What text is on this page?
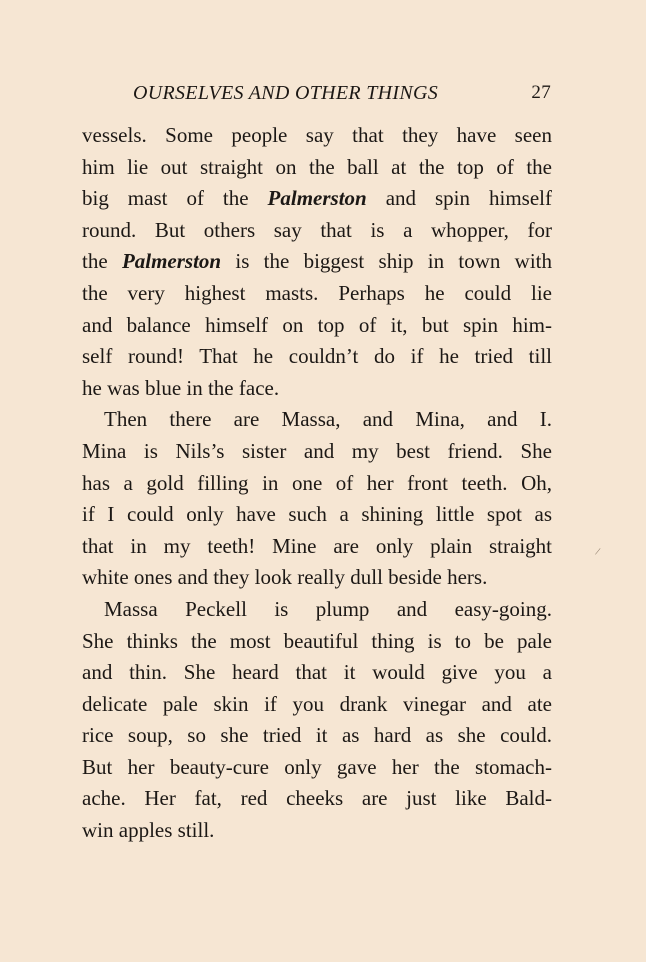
OURSELVES AND OTHER THINGS	27
vessels. Some people say that they have seen
him lie out straight on the ball at the top of the
big mast of the Palmerston and spin himself
round. But others say that is a whopper, for
the Palmerston is the biggest ship in town with
the very highest masts. Perhaps he could lie
and balance himself on top of it, but spin him-
self round! That he couldn’t do if he tried till
he was blue in the face.
Then there are Massa, and Mina, and I.
Mina is Nils’s sister and my best friend. She
has a gold filling in one of her front teeth. Oh,
if I could only have such a shining little spot as
that in my teeth! Mine are only plain straight
white ones and they look really dull beside hers.
Massa Peckell is plump and easy-going.
She thinks the most beautiful thing is to be pale
and thin. She heard that it would give you a
delicate pale skin if you drank vinegar and ate
rice soup, so she tried it as hard as she could.
But her beauty-cure only gave her the stomach-
ache. Her fat, red cheeks are just like Bald-
win apples still.
/
